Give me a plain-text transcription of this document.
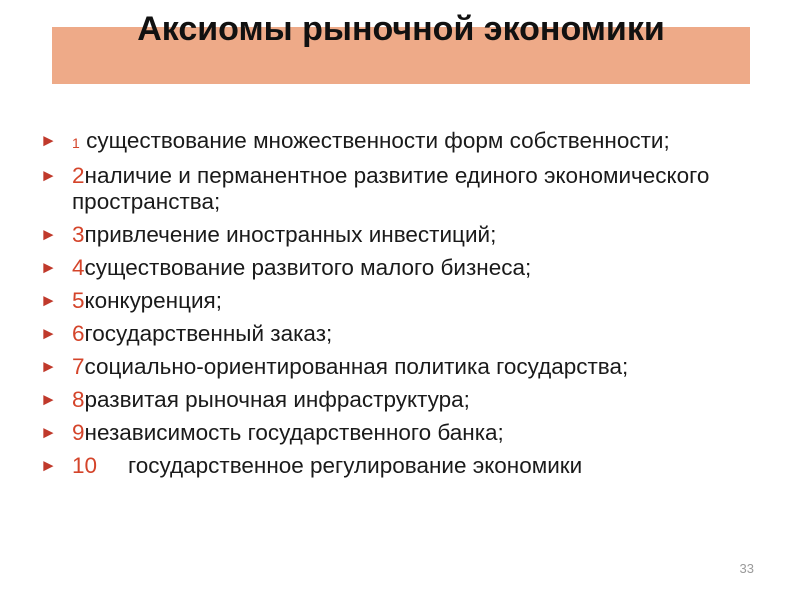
Аксиомы рыночной экономики
► 1 существование множественности форм собственности;
► 2наличие и перманентное развитие единого экономического пространства;
► 3привлечение иностранных инвестиций;
► 4существование развитого малого бизнеса;
► 5конкуренция;
► 6государственный заказ;
► 7социально-ориентированная политика государства;
► 8развитая рыночная инфраструктура;
► 9независимость государственного банка;
► 10 государственное регулирование экономики
33
